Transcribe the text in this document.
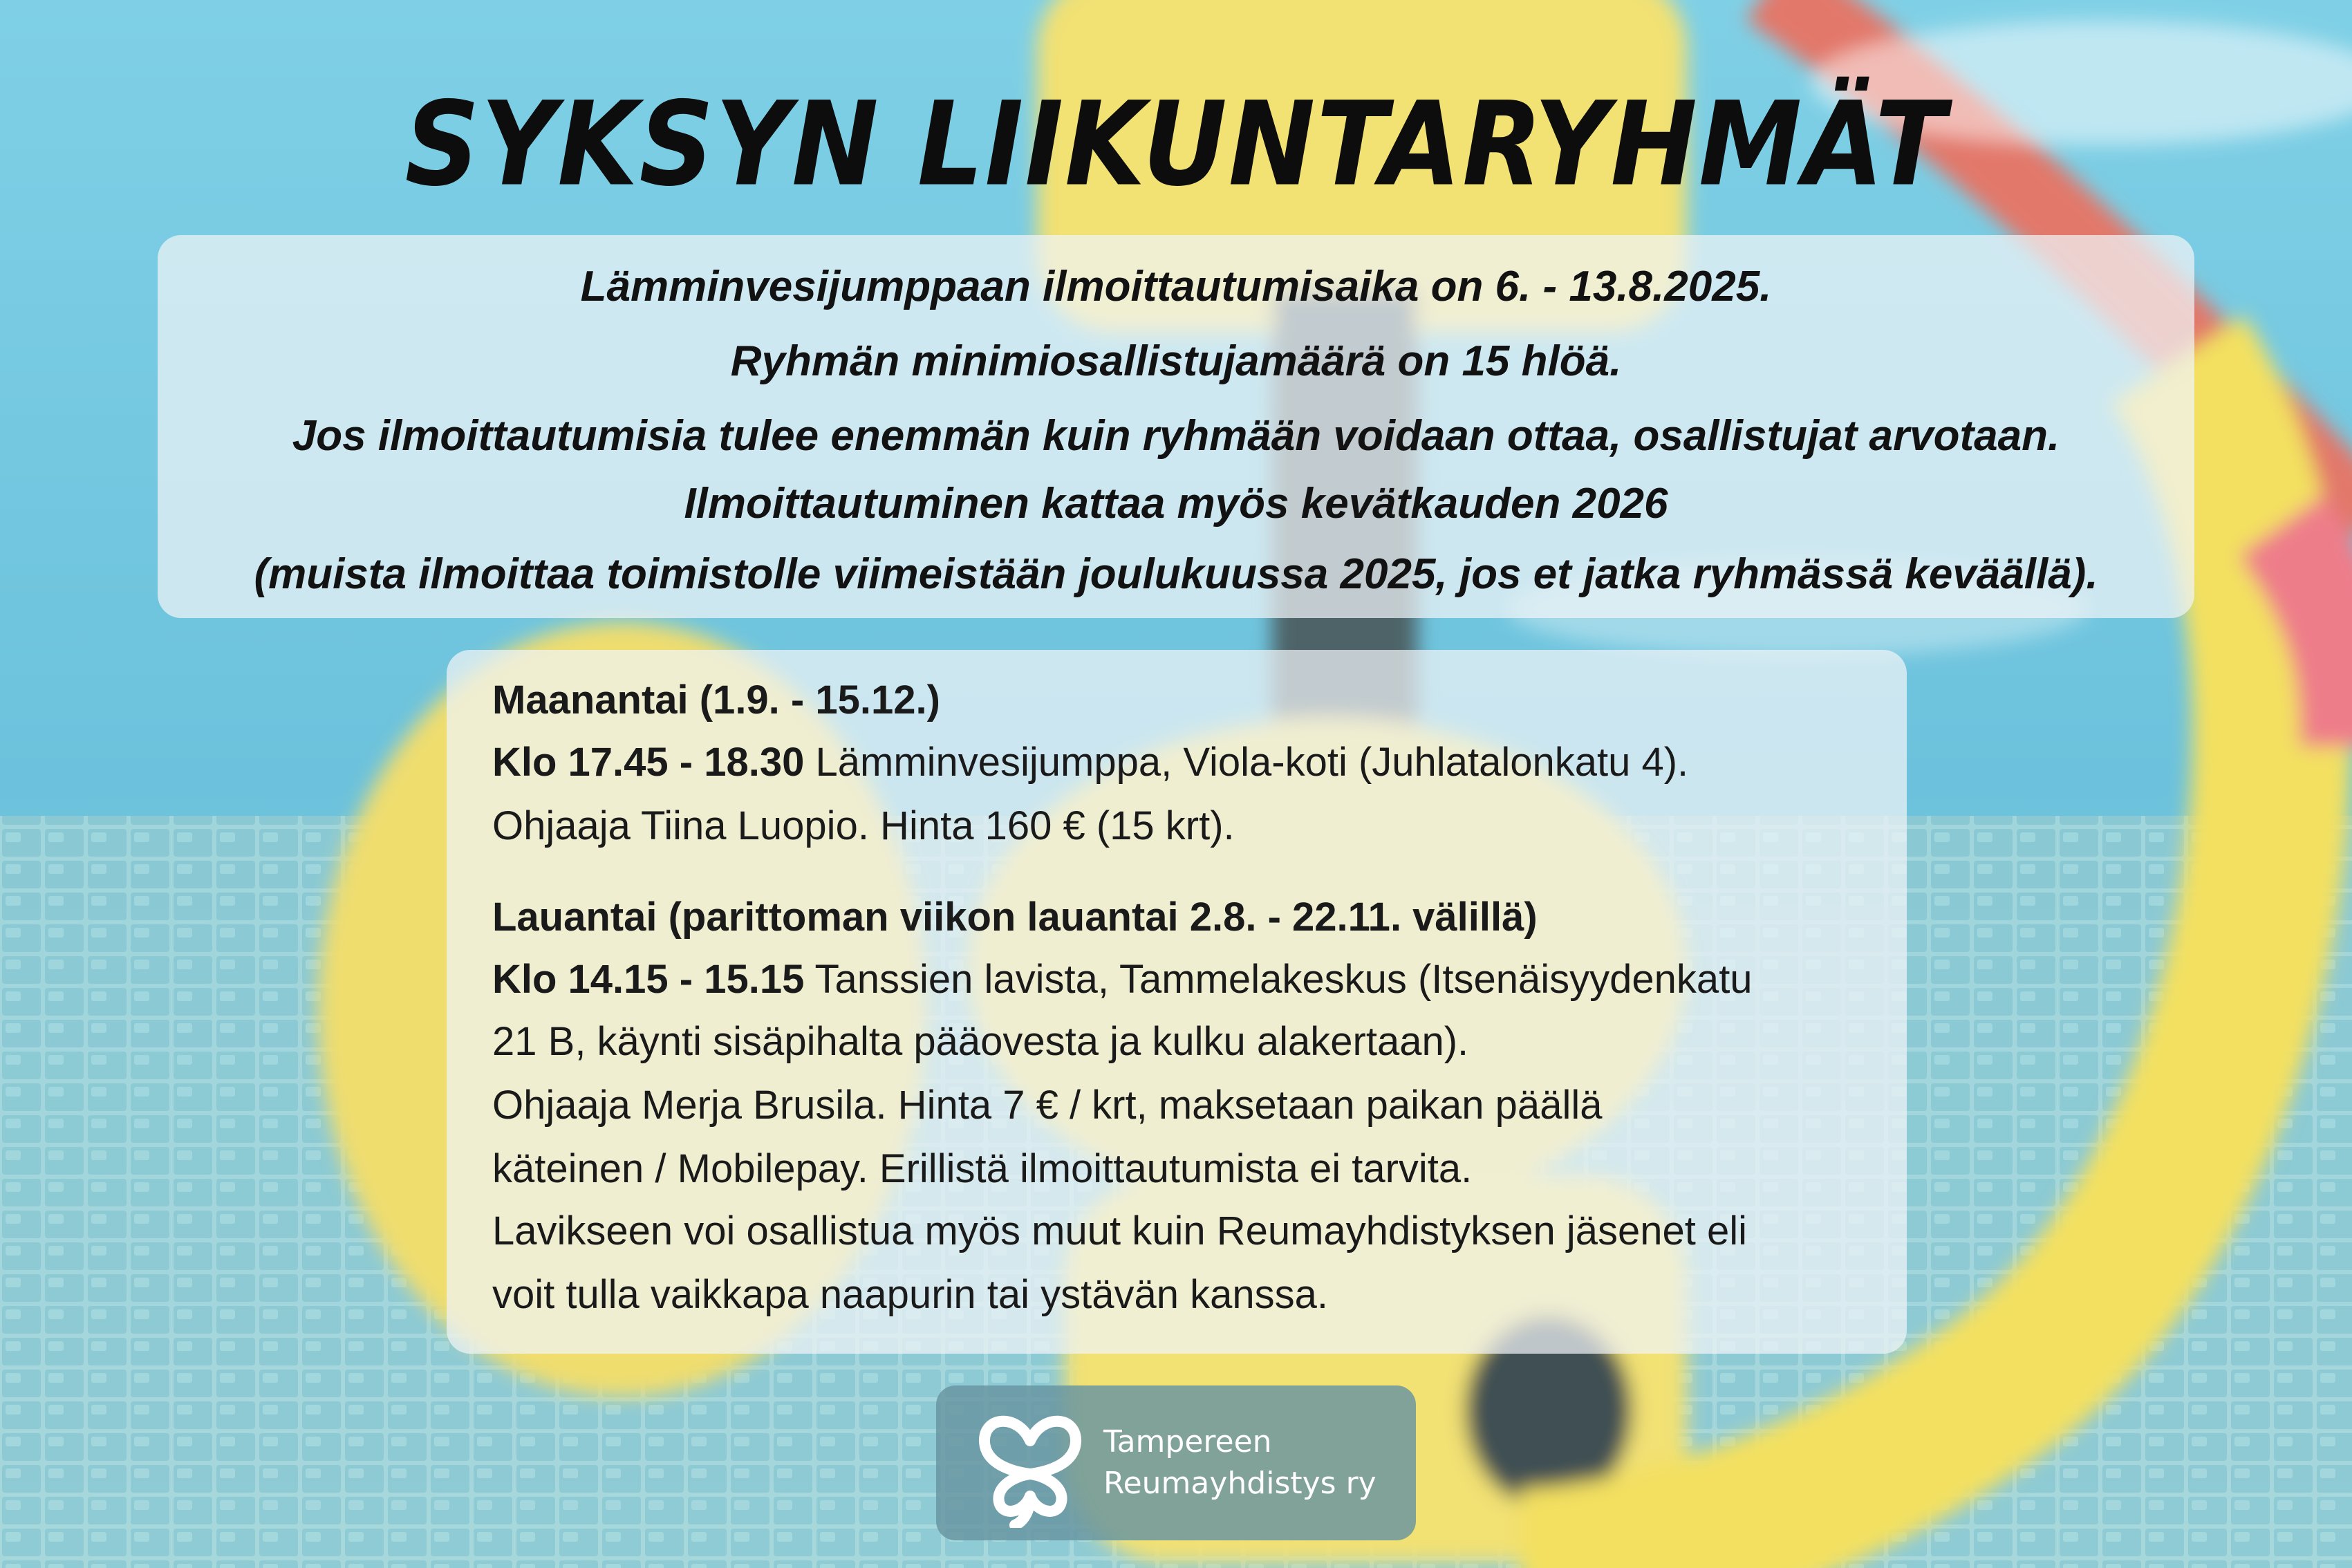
SYKSYN LIIKUNTARYHMÄT
Lämminvesijumppaan ilmoittautumisaika on 6. - 13.8.2025.
Ryhmän minimiosallistujamäärä on 15 hlöä.
Jos ilmoittautumisia tulee enemmän kuin ryhmään voidaan ottaa, osallistujat arvotaan.
Ilmoittautuminen kattaa myös kevätkauden 2026
(muista ilmoittaa toimistolle viimeistään joulukuussa 2025, jos et jatka ryhmässä keväällä).
Maanantai (1.9. - 15.12.)
Klo 17.45 - 18.30 Lämminvesijumppa, Viola-koti (Juhlatalonkatu 4).
Ohjaaja Tiina Luopio. Hinta 160 € (15 krt).
Lauantai (parittoman viikon lauantai 2.8. - 22.11. välillä)
Klo 14.15 - 15.15 Tanssien lavista, Tammelakeskus (Itsenäisyydenkatu
21 B, käynti sisäpihalta pääovesta ja kulku alakertaan).
Ohjaaja Merja Brusila. Hinta 7 € / krt, maksetaan paikan päällä
käteinen / Mobilepay. Erillistä ilmoittautumista ei tarvita.
Lavikseen voi osallistua myös muut kuin Reumayhdistyksen jäsenet eli
voit tulla vaikkapa naapurin tai ystävän kanssa.
Tampereen
Reumayhdistys ry
